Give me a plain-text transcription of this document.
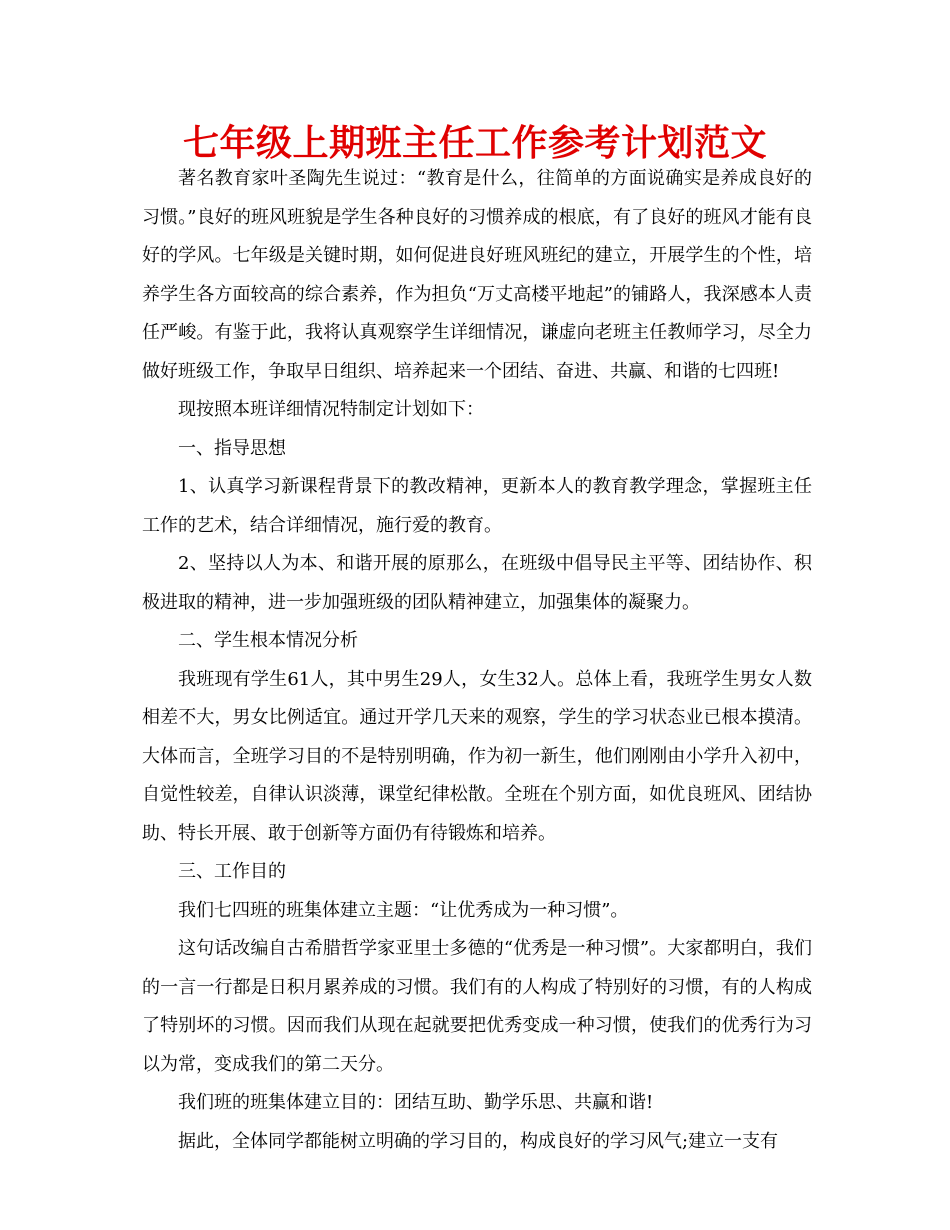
七年级上期班主任工作参考计划范文

著名教育家叶圣陶先生说过：“教育是什么，往简单的方面说确实是养成良好的习惯。”良好的班风班貌是学生各种良好的习惯养成的根底，有了良好的班风才能有良好的学风。七年级是关键时期，如何促进良好班风班纪的建立，开展学生的个性，培养学生各方面较高的综合素养，作为担负“万丈高楼平地起”的铺路人，我深感本人责任严峻。有鉴于此，我将认真观察学生详细情况，谦虚向老班主任教师学习，尽全力做好班级工作，争取早日组织、培养起来一个团结、奋进、共赢、和谐的七四班!

现按照本班详细情况特制定计划如下：

一、指导思想

1、认真学习新课程背景下的教改精神，更新本人的教育教学理念，掌握班主任工作的艺术，结合详细情况，施行爱的教育。

2、坚持以人为本、和谐开展的原那么，在班级中倡导民主平等、团结协作、积极进取的精神，进一步加强班级的团队精神建立，加强集体的凝聚力。

二、学生根本情况分析

我班现有学生61人，其中男生29人，女生32人。总体上看，我班学生男女人数相差不大，男女比例适宜。通过开学几天来的观察，学生的学习状态业已根本摸清。大体而言，全班学习目的不是特别明确，作为初一新生，他们刚刚由小学升入初中，自觉性较差，自律认识淡薄，课堂纪律松散。全班在个别方面，如优良班风、团结协助、特长开展、敢于创新等方面仍有待锻炼和培养。

三、工作目的

我们七四班的班集体建立主题：“让优秀成为一种习惯”。

这句话改编自古希腊哲学家亚里士多德的“优秀是一种习惯”。大家都明白，我们的一言一行都是日积月累养成的习惯。我们有的人构成了特别好的习惯，有的人构成了特别坏的习惯。因而我们从现在起就要把优秀变成一种习惯，使我们的优秀行为习以为常，变成我们的第二天分。

我们班的班集体建立目的：团结互助、勤学乐思、共赢和谐!

据此，全体同学都能树立明确的学习目的，构成良好的学习风气;建立一支有
